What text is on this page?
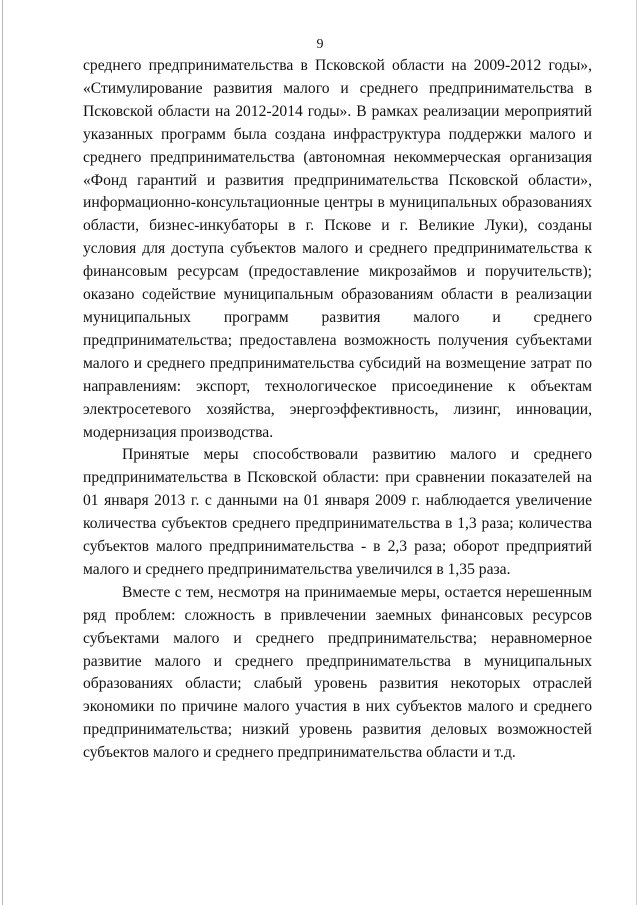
9

среднего предпринимательства в Псковской области на 2009-2012 годы», «Стимулирование развития малого и среднего предпринимательства в Псковской области на 2012-2014 годы». В рамках реализации мероприятий указанных программ была создана инфраструктура поддержки малого и среднего предпринимательства (автономная некоммерческая организация «Фонд гарантий и развития предпринимательства Псковской области», информационно-консультационные центры в муниципальных образованиях области, бизнес-инкубаторы в г. Пскове и г. Великие Луки), созданы условия для доступа субъектов малого и среднего предпринимательства к финансовым ресурсам (предоставление микрозаймов и поручительств); оказано содействие муниципальным образованиям области в реализации муниципальных программ развития малого и среднего предпринимательства; предоставлена возможность получения субъектами малого и среднего предпринимательства субсидий на возмещение затрат по направлениям: экспорт, технологическое присоединение к объектам электросетевого хозяйства, энергоэффективность, лизинг, инновации, модернизация производства.

Принятые меры способствовали развитию малого и среднего предпринимательства в Псковской области: при сравнении показателей на 01 января 2013 г. с данными на 01 января 2009 г. наблюдается увеличение количества субъектов среднего предпринимательства в 1,3 раза; количества субъектов малого предпринимательства - в 2,3 раза; оборот предприятий малого и среднего предпринимательства увеличился в 1,35 раза.

Вместе с тем, несмотря на принимаемые меры, остается нерешенным ряд проблем: сложность в привлечении заемных финансовых ресурсов субъектами малого и среднего предпринимательства; неравномерное развитие малого и среднего предпринимательства в муниципальных образованиях области; слабый уровень развития некоторых отраслей экономики по причине малого участия в них субъектов малого и среднего предпринимательства; низкий уровень развития деловых возможностей субъектов малого и среднего предпринимательства области и т.д.
